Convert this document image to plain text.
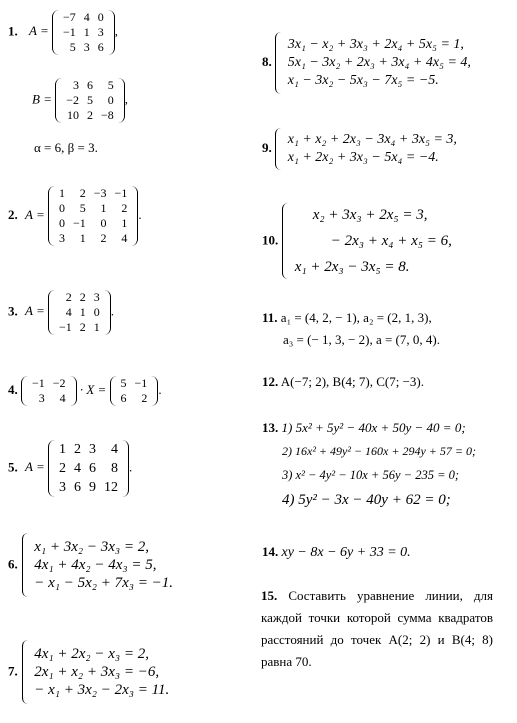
1. A =
−7	4	0
−1	1	3
5	3	6
,
B =
3	6	5
−2	5	0
10	2	−8
,
α = 6, β = 3.
2. A =
1	2	−3	−1
0	5	1	2
0	−1	0	1
3	1	2	4
.
3. A =
2	2	3
4	1	0
−1	2	1
.
4. −1	−2
3	4
· X = 5	−1
6	2
.
5. A =
1	2	3	4
2	4	6	8
3	6	9	12
.
6.
x₁ + 3x₂ − 3x₃ = 2,
4x₁ + 4x₂ − 4x₃ = 5,
− x₁ − 5x₂ + 7x₃ = −1.
7.
4x₁ + 2x₂ − x₃ = 2,
2x₁ + x₂ + 3x₃ = −6,
− x₁ + 3x₂ − 2x₃ = 11.
8.
3x₁ − x₂ + 3x₃ + 2x₄ + 5x₅ = 1,
5x₁ − 3x₂ + 2x₃ + 3x₄ + 4x₅ = 4,
x₁ − 3x₂ − 5x₃ − 7x₅ = −5.
9.
x₁ + x₂ + 2x₃ − 3x₄ + 3x₅ = 3,
x₁ + 2x₂ + 3x₃ − 5x₄ = −4.
10.
x₂ + 3x₃ + 2x₅ = 3,
− 2x₃ + x₄ + x₅ = 6,
x₁ + 2x₃ − 3x₅ = 8.
11. a₁ = (4, 2, − 1), a₂ = (2, 1, 3),
a₃ = (− 1, 3, − 2), a = (7, 0, 4).
12. A(−7; 2), B(4; 7), C(7; −3).
13. 1) 5x² + 5y² − 40x + 50y − 40 = 0;
2) 16x² + 49y² − 160x + 294y + 57 = 0;
3) x² − 4y² − 10x + 56y − 235 = 0;
4) 5y² − 3x − 40y + 62 = 0;
14. xy − 8x − 6y + 33 = 0.
15. Составить уравнение линии, для каждой точки которой сумма квадратов расстояний до точек А(2; 2) и В(4; 8) равна 70.
